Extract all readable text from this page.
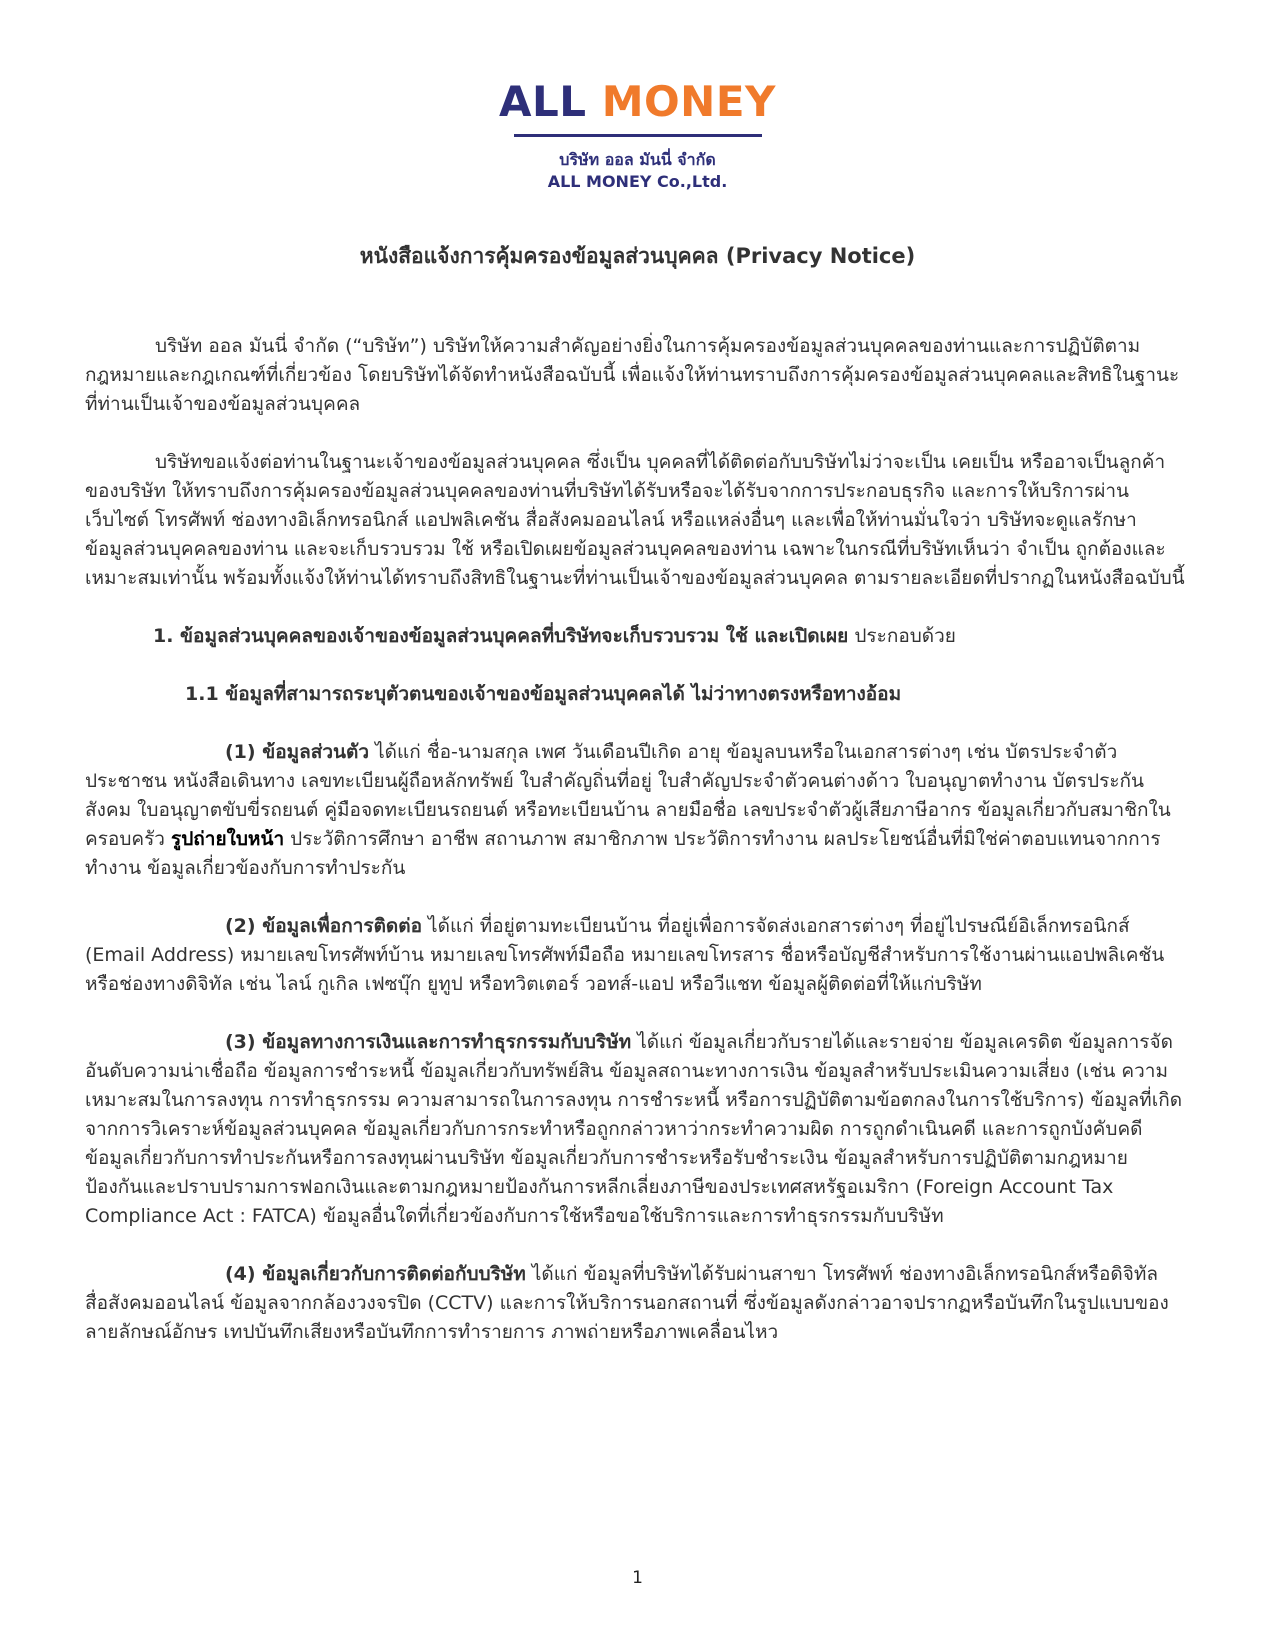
ALL MONEY
บริษัท ออล มันนี่ จำกัด
ALL MONEY Co.,Ltd.
หนังสือแจ้งการคุ้มครองข้อมูลส่วนบุคคล (Privacy Notice)

บริษัท ออล มันนี่ จำกัด (“บริษัท”) บริษัทให้ความสำคัญอย่างยิ่งในการคุ้มครองข้อมูลส่วนบุคคลของท่านและการปฏิบัติตามกฎหมายและกฎเกณฑ์ที่เกี่ยวข้อง โดยบริษัทได้จัดทำหนังสือฉบับนี้ เพื่อแจ้งให้ท่านทราบถึงการคุ้มครองข้อมูลส่วนบุคคลและสิทธิในฐานะที่ท่านเป็นเจ้าของข้อมูลส่วนบุคคล

บริษัทขอแจ้งต่อท่านในฐานะเจ้าของข้อมูลส่วนบุคคล ซึ่งเป็น บุคคลที่ได้ติดต่อกับบริษัทไม่ว่าจะเป็น เคยเป็น หรืออาจเป็นลูกค้าของบริษัท ให้ทราบถึงการคุ้มครองข้อมูลส่วนบุคคลของท่านที่บริษัทได้รับหรือจะได้รับจากการประกอบธุรกิจ และการให้บริการผ่านเว็บไซต์ โทรศัพท์ ช่องทางอิเล็กทรอนิกส์ แอปพลิเคชัน สื่อสังคมออนไลน์ หรือแหล่งอื่นๆ และเพื่อให้ท่านมั่นใจว่า บริษัทจะดูแลรักษาข้อมูลส่วนบุคคลของท่าน และจะเก็บรวบรวม ใช้ หรือเปิดเผยข้อมูลส่วนบุคคลของท่าน เฉพาะในกรณีที่บริษัทเห็นว่า จำเป็น ถูกต้องและเหมาะสมเท่านั้น พร้อมทั้งแจ้งให้ท่านได้ทราบถึงสิทธิในฐานะที่ท่านเป็นเจ้าของข้อมูลส่วนบุคคล ตามรายละเอียดที่ปรากฏในหนังสือฉบับนี้

1. ข้อมูลส่วนบุคคลของเจ้าของข้อมูลส่วนบุคคลที่บริษัทจะเก็บรวบรวม ใช้ และเปิดเผย ประกอบด้วย

1.1 ข้อมูลที่สามารถระบุตัวตนของเจ้าของข้อมูลส่วนบุคคลได้ ไม่ว่าทางตรงหรือทางอ้อม

(1) ข้อมูลส่วนตัว ได้แก่ ชื่อ-นามสกุล เพศ วันเดือนปีเกิด อายุ ข้อมูลบนหรือในเอกสารต่างๆ เช่น บัตรประจำตัวประชาชน หนังสือเดินทาง เลขทะเบียนผู้ถือหลักทรัพย์ ใบสำคัญถิ่นที่อยู่ ใบสำคัญประจำตัวคนต่างด้าว ใบอนุญาตทำงาน บัตรประกันสังคม ใบอนุญาตขับขี่รถยนต์ คู่มือจดทะเบียนรถยนต์ หรือทะเบียนบ้าน ลายมือชื่อ เลขประจำตัวผู้เสียภาษีอากร ข้อมูลเกี่ยวกับสมาชิกในครอบครัว รูปถ่ายใบหน้า ประวัติการศึกษา อาชีพ สถานภาพ สมาชิกภาพ ประวัติการทำงาน ผลประโยชน์อื่นที่มิใช่ค่าตอบแทนจากการทำงาน ข้อมูลเกี่ยวข้องกับการทำประกัน

(2) ข้อมูลเพื่อการติดต่อ ได้แก่ ที่อยู่ตามทะเบียนบ้าน ที่อยู่เพื่อการจัดส่งเอกสารต่างๆ ที่อยู่ไปรษณีย์อิเล็กทรอนิกส์ (Email Address) หมายเลขโทรศัพท์บ้าน หมายเลขโทรศัพท์มือถือ หมายเลขโทรสาร ชื่อหรือบัญชีสำหรับการใช้งานผ่านแอปพลิเคชันหรือช่องทางดิจิทัล เช่น ไลน์ กูเกิล เฟซบุ๊ก ยูทูป หรือทวิตเตอร์ วอทส์-แอป หรือวีแชท ข้อมูลผู้ติดต่อที่ให้แก่บริษัท

(3) ข้อมูลทางการเงินและการทำธุรกรรมกับบริษัท ได้แก่ ข้อมูลเกี่ยวกับรายได้และรายจ่าย ข้อมูลเครดิต ข้อมูลการจัดอันดับความน่าเชื่อถือ ข้อมูลการชำระหนี้ ข้อมูลเกี่ยวกับทรัพย์สิน ข้อมูลสถานะทางการเงิน ข้อมูลสำหรับประเมินความเสี่ยง (เช่น ความเหมาะสมในการลงทุน การทำธุรกรรม ความสามารถในการลงทุน การชำระหนี้ หรือการปฏิบัติตามข้อตกลงในการใช้บริการ) ข้อมูลที่เกิดจากการวิเคราะห์ข้อมูลส่วนบุคคล ข้อมูลเกี่ยวกับการกระทำหรือถูกกล่าวหาว่ากระทำความผิด การถูกดำเนินคดี และการถูกบังคับคดี ข้อมูลเกี่ยวกับการทำประกันหรือการลงทุนผ่านบริษัท ข้อมูลเกี่ยวกับการชำระหรือรับชำระเงิน ข้อมูลสำหรับการปฏิบัติตามกฎหมายป้องกันและปราบปรามการฟอกเงินและตามกฎหมายป้องกันการหลีกเลี่ยงภาษีของประเทศสหรัฐอเมริกา (Foreign Account Tax Compliance Act : FATCA) ข้อมูลอื่นใดที่เกี่ยวข้องกับการใช้หรือขอใช้บริการและการทำธุรกรรมกับบริษัท

(4) ข้อมูลเกี่ยวกับการติดต่อกับบริษัท ได้แก่ ข้อมูลที่บริษัทได้รับผ่านสาขา โทรศัพท์ ช่องทางอิเล็กทรอนิกส์หรือดิจิทัล สื่อสังคมออนไลน์ ข้อมูลจากกล้องวงจรปิด (CCTV) และการให้บริการนอกสถานที่ ซึ่งข้อมูลดังกล่าวอาจปรากฏหรือบันทึกในรูปแบบของลายลักษณ์อักษร เทปบันทึกเสียงหรือบันทึกการทำรายการ ภาพถ่ายหรือภาพเคลื่อนไหว

1
